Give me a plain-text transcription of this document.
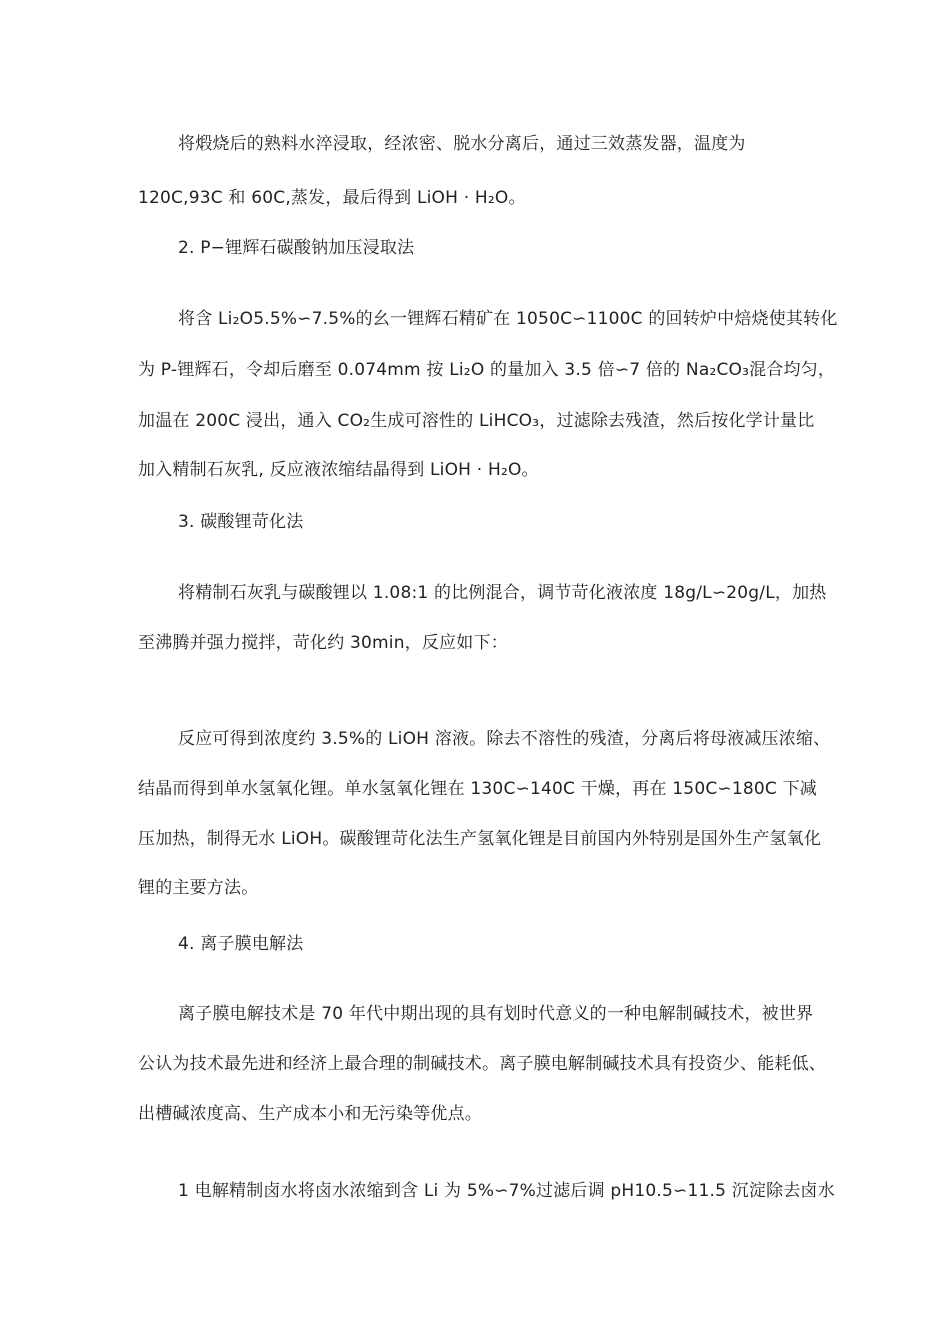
将煅烧后的熟料水淬浸取，经浓密、脱水分离后，通过三效蒸发器，温度为
120C,93C 和 60C,蒸发，最后得到 LiOH · H₂O。
2. P−锂辉石碳酸钠加压浸取法
将含 Li₂O5.5%∽7.5%的幺一锂辉石精矿在 1050C∽1100C 的回转炉中焙烧使其转化
为 P-锂辉石，令却后磨至 0.074mm 按 Li₂O 的量加入 3.5 倍∽7 倍的 Na₂CO₃混合均匀，
加温在 200C 浸出，通入 CO₂生成可溶性的 LiHCO₃，过滤除去残渣，然后按化学计量比
加入精制石灰乳, 反应液浓缩结晶得到 LiOH · H₂O。
3. 碳酸锂苛化法
将精制石灰乳与碳酸锂以 1.08:1 的比例混合，调节苛化液浓度 18g/L∽20g/L，加热
至沸腾并强力搅拌，苛化约 30min，反应如下：
反应可得到浓度约 3.5%的 LiOH 溶液。除去不溶性的残渣，分离后将母液减压浓缩、
结晶而得到单水氢氧化锂。单水氢氧化锂在 130C∽140C 干燥，再在 150C∽180C 下减
压加热，制得无水 LiOH。碳酸锂苛化法生产氢氧化锂是目前国内外特别是国外生产氢氧化
锂的主要方法。
4. 离子膜电解法
离子膜电解技术是 70 年代中期出现的具有划时代意义的一种电解制碱技术，被世界
公认为技术最先进和经济上最合理的制碱技术。离子膜电解制碱技术具有投资少、能耗低、
出槽碱浓度高、生产成本小和无污染等优点。
1 电解精制卤水将卤水浓缩到含 Li 为 5%∽7%过滤后调 pH10.5∽11.5 沉淀除去卤水
